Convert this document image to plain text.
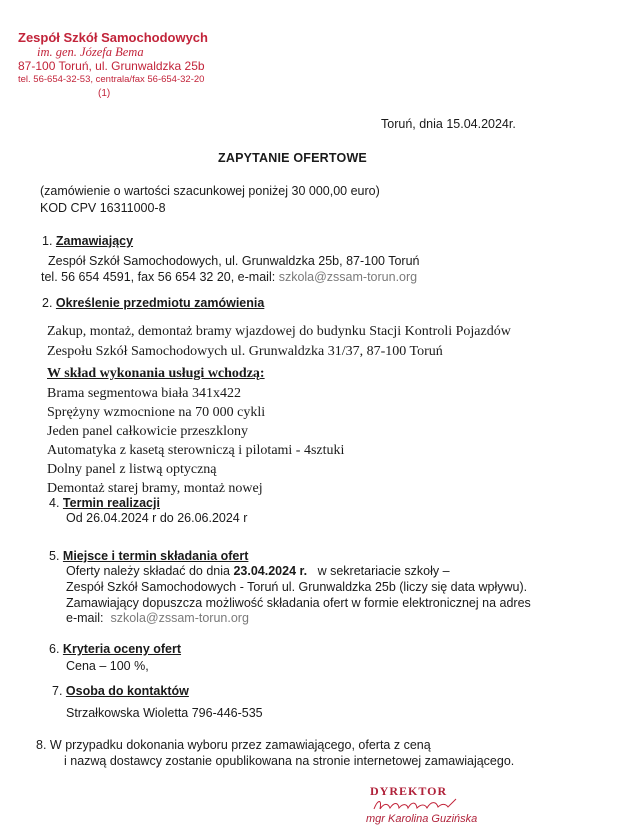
Zespół Szkół Samochodowych
im. gen. Józefa Bema
87-100 Toruń, ul. Grunwaldzka 25b
tel. 56-654-32-53, centrala/fax 56-654-32-20
(1)
Toruń, dnia 15.04.2024r.
ZAPYTANIE OFERTOWE
(zamówienie o wartości szacunkowej poniżej 30 000,00 euro)
KOD CPV 16311000-8
1. Zamawiający
Zespół Szkół Samochodowych, ul. Grunwaldzka 25b, 87-100 Toruń
tel. 56 654 4591, fax 56 654 32 20, e-mail: szkola@zssam-torun.org
2. Określenie przedmiotu zamówienia
Zakup, montaż, demontaż bramy wjazdowej do budynku Stacji Kontroli Pojazdów
Zespołu Szkół Samochodowych ul. Grunwaldzka 31/37, 87-100 Toruń
W skład wykonania usługi wchodzą:
Brama segmentowa biała 341x422
Sprężyny wzmocnione na 70 000 cykli
Jeden panel całkowicie przeszklony
Automatyka z kasetą sterowniczą i pilotami - 4sztuki
Dolny panel z listwą optyczną
Demontaż starej bramy, montaż nowej
4. Termin realizacji
Od 26.04.2024 r do 26.06.2024 r
5. Miejsce i termin składania ofert
Oferty należy składać do dnia 23.04.2024 r. w sekretariacie szkoły –
Zespół Szkół Samochodowych - Toruń ul. Grunwaldzka 25b (liczy się data wpływu).
Zamawiający dopuszcza możliwość składania ofert w formie elektronicznej na adres
e-mail: szkola@zssam-torun.org
6. Kryteria oceny ofert
Cena – 100 %,
7. Osoba do kontaktów
Strzałkowska Wioletta 796-446-535
8. W przypadku dokonania wyboru przez zamawiającego, oferta z ceną
i nazwą dostawcy zostanie opublikowana na stronie internetowej zamawiającego.
DYREKTOR
mgr Karolina Guzińska
